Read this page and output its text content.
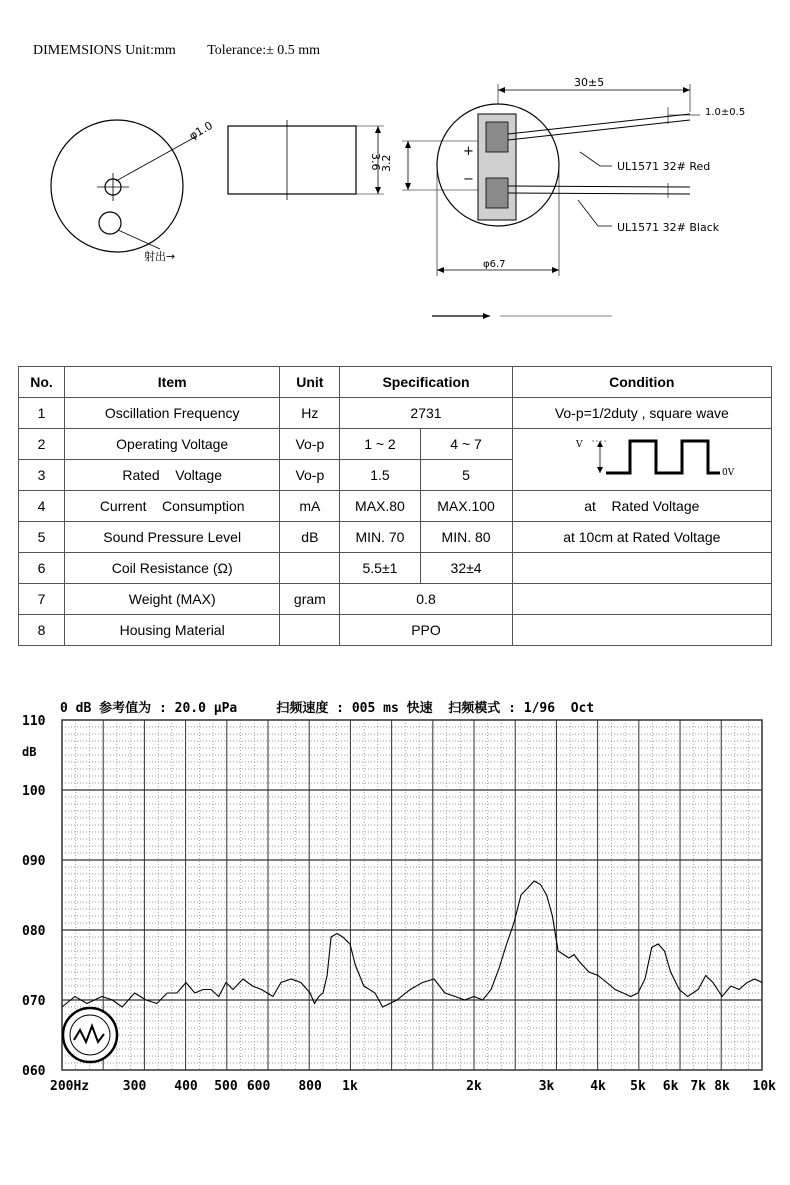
DIMEMSIONS Unit:mm Tolerance:± 0.5 mm
φ1.0
射出→
3.6
+
−
30±5
1.0±0.5
UL1571 32# Red
UL1571 32# Black
3.2
φ6.7
No.	Item	Unit	Specification		Condition
1	Oscillation Frequency	Hz	2731		Vo-p=1/2duty , square wave
2	Operating Voltage	Vo-p	1 ~ 2	4 ~ 7	V
0V

3	Rated    Voltage	Vo-p	1.5	5	
4	Current    Consumption	mA	MAX.80	MAX.100	at    Rated Voltage
5	Sound Pressure Level	dB	MIN. 70	MIN. 80	at 10cm at Rated Voltage
6	Coil Resistance (Ω)		5.5±1	32±4	
7	Weight (MAX)	gram	0.8		
8	Housing Material		PPO		
0 dB 参考值为 : 20.0 μPa     扫频速度 : 005 ms 快速  扫频模式 : 1/96  Oct
dB
110
100
090
080
070
060
200Hz	300 400 500 600 800 1k	2k	3k	4k 5k 6k 7k 8k 10k
